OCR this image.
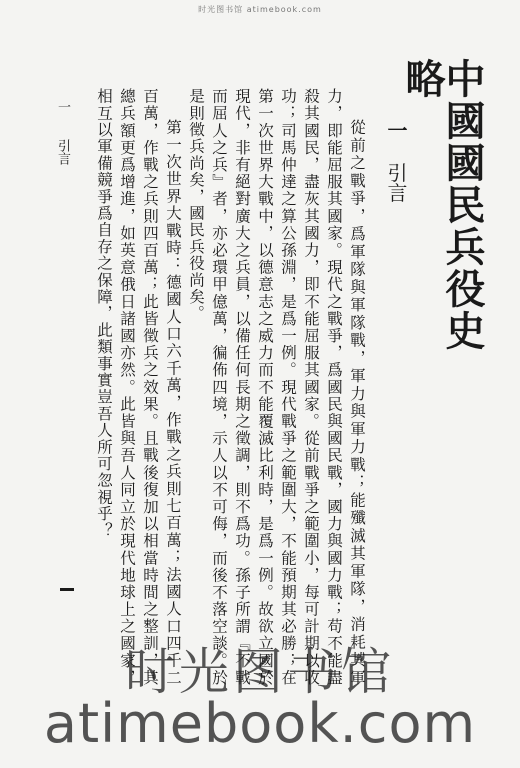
时光图书馆 atimebook.com
中國國民兵役史略
一 引言

從前之戰爭，爲軍隊與軍隊戰，軍力與軍力戰；能殲滅其軍隊，消耗其軍力，即能屈服其國家。現代之戰爭，爲國民與國民戰，國力與國力戰；苟不能盡殺其國民，盡灰其國力，即不能屈服其國家。從前戰爭之範圍小，每可計期以收功；司馬仲達之算公孫淵，是爲一例。現代戰爭之範圍大，不能預期其必勝；在第一次世界大戰中，以德意志之威力而不能覆滅比利時，是爲一例。故欲立國於現代，非有絕對廣大之兵員，以備任何長期之徵調，則不爲功。孫子所謂『不戰而屈人之兵』者，亦必環甲億萬，徧佈四境，示人以不可侮，而後不落空談。於是則徵兵尚矣，國民兵役尚矣。

第一次世界大戰時：德國人口六千萬，作戰之兵則七百萬；法國人口四千二百萬，作戰之兵則四百萬；此皆徵兵之效果。且戰後復加以相當時間之整訓，其總兵額更爲增進，如英意俄日諸國亦然。此皆與吾人同立於現代地球上之國家，相互以軍備競爭爲自存之保障，此類事實豈吾人所可忽視乎？

一 引言
时光图书馆
atimebook.com
